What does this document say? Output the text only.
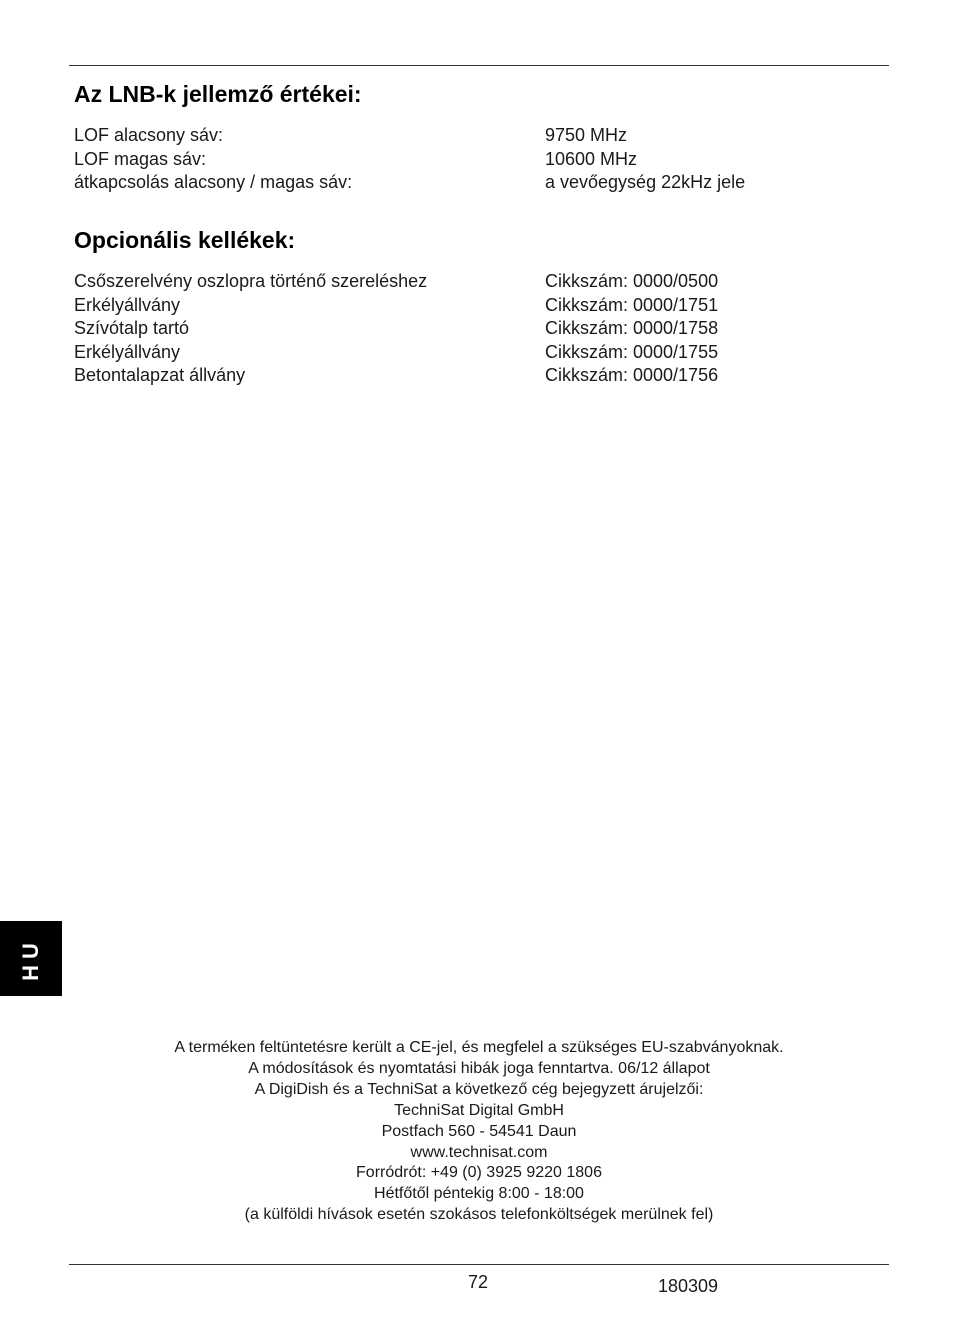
Az LNB-k jellemző értékei:
LOF alacsony sáv:	9750 MHz
LOF magas sáv:	10600 MHz
átkapcsolás alacsony / magas sáv:	a vevőegység 22kHz jele
Opcionális kellékek:
Csőszerelvény oszlopra történő szereléshez	Cikkszám: 0000/0500
Erkélyállvány	Cikkszám: 0000/1751
Szívótalp tartó	Cikkszám: 0000/1758
Erkélyállvány	Cikkszám: 0000/1755
Betontalapzat állvány	Cikkszám: 0000/1756
HU
A terméken feltüntetésre került a CE-jel, és megfelel a szükséges EU-szabványoknak.
A módosítások és nyomtatási hibák joga fenntartva. 06/12 állapot
A DigiDish és a TechniSat a következő cég bejegyzett árujelzői:
TechniSat Digital GmbH
Postfach 560 - 54541 Daun
www.technisat.com
Forródrót: +49 (0) 3925 9220 1806
Hétfőtől péntekig 8:00 - 18:00
(a külföldi hívások esetén szokásos telefonköltségek merülnek fel)
72	180309
